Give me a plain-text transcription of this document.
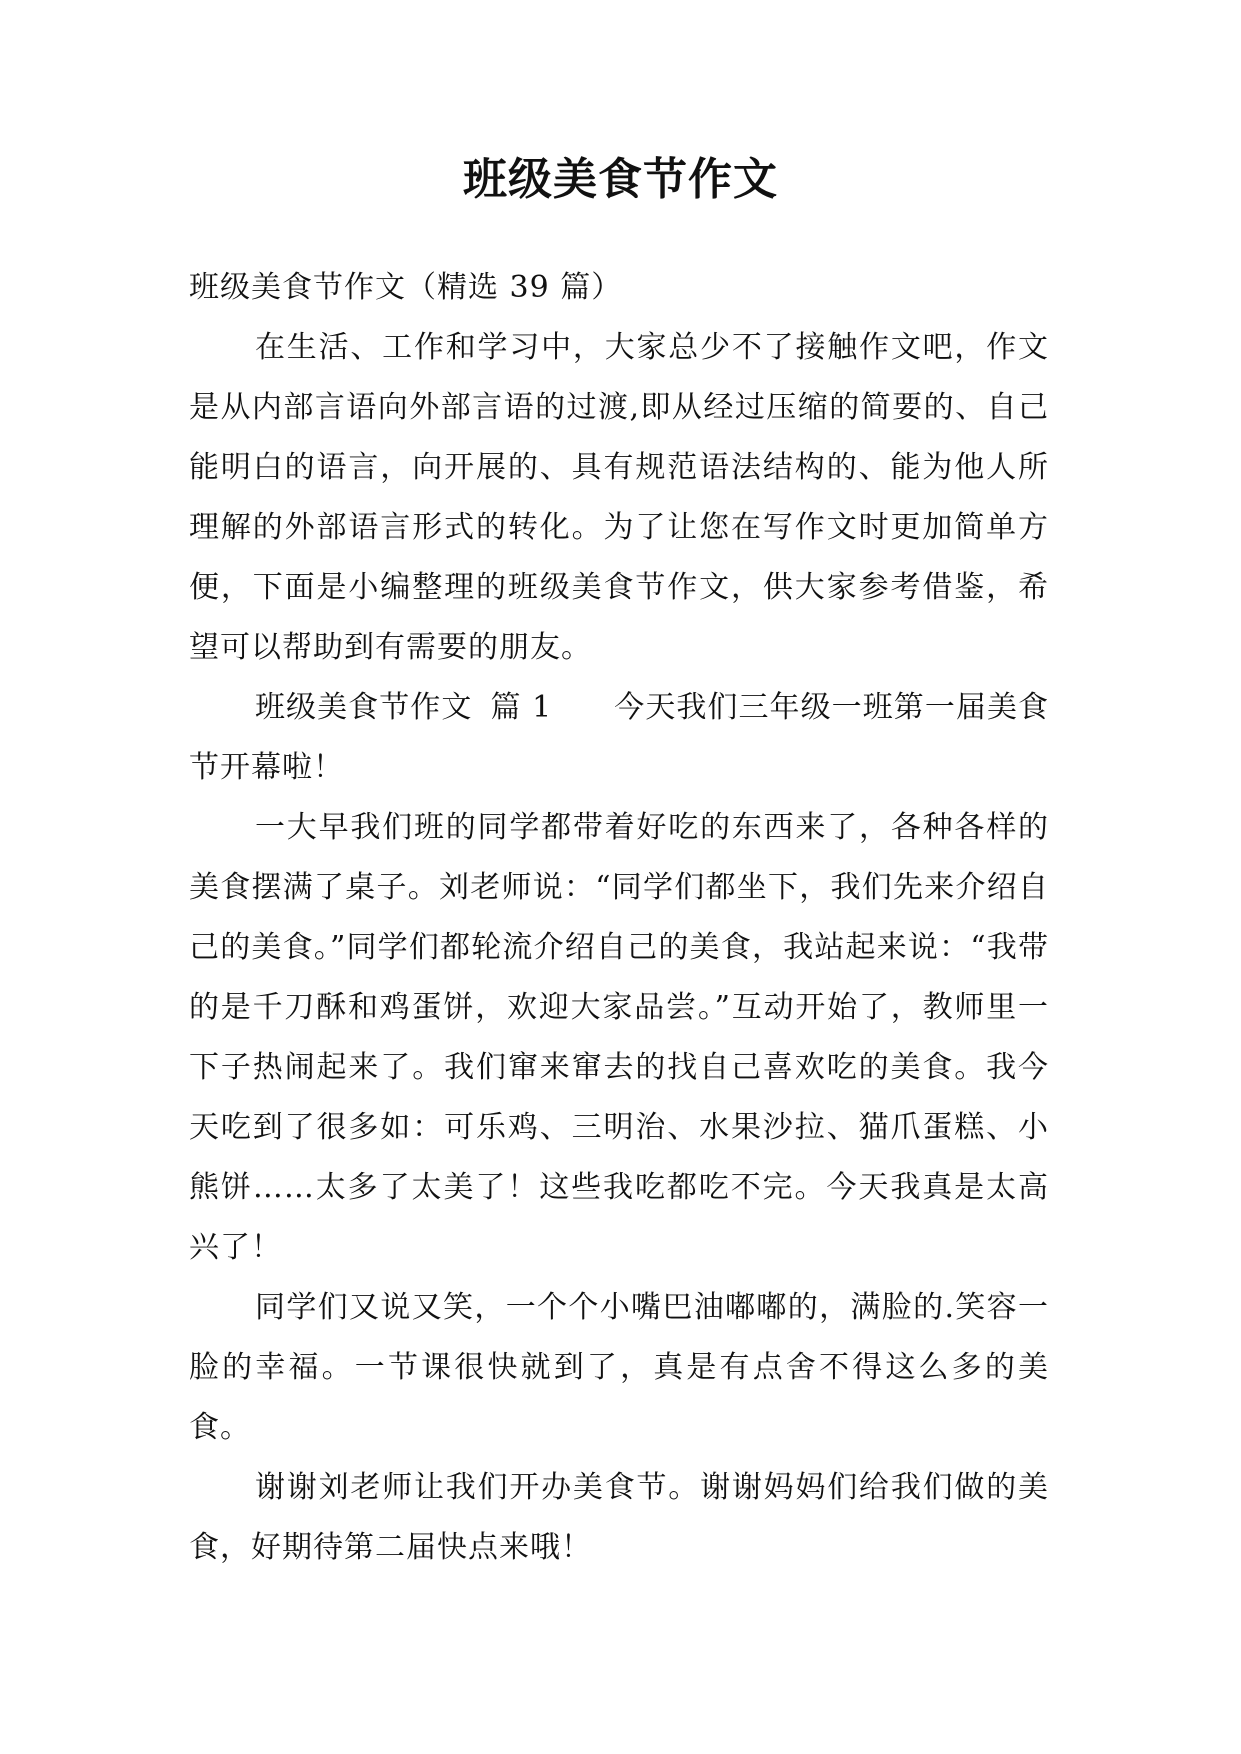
班级美食节作文

班级美食节作文（精选 39 篇）

在生活、工作和学习中，大家总少不了接触作文吧，作文是从内部言语向外部言语的过渡,即从经过压缩的简要的、自己能明白的语言，向开展的、具有规范语法结构的、能为他人所理解的外部语言形式的转化。为了让您在写作文时更加简单方便，下面是小编整理的班级美食节作文，供大家参考借鉴，希望可以帮助到有需要的朋友。

班级美食节作文 篇 1 今天我们三年级一班第一届美食节开幕啦！

一大早我们班的同学都带着好吃的东西来了，各种各样的美食摆满了桌子。刘老师说：“同学们都坐下，我们先来介绍自己的美食。”同学们都轮流介绍自己的美食，我站起来说：“我带的是千刀酥和鸡蛋饼，欢迎大家品尝。”互动开始了，教师里一下子热闹起来了。我们窜来窜去的找自己喜欢吃的美食。我今天吃到了很多如：可乐鸡、三明治、水果沙拉、猫爪蛋糕、小熊饼……太多了太美了！这些我吃都吃不完。今天我真是太高兴了！

同学们又说又笑，一个个小嘴巴油嘟嘟的，满脸的.笑容一脸的幸福。一节课很快就到了，真是有点舍不得这么多的美食。

谢谢刘老师让我们开办美食节。谢谢妈妈们给我们做的美食，好期待第二届快点来哦！
